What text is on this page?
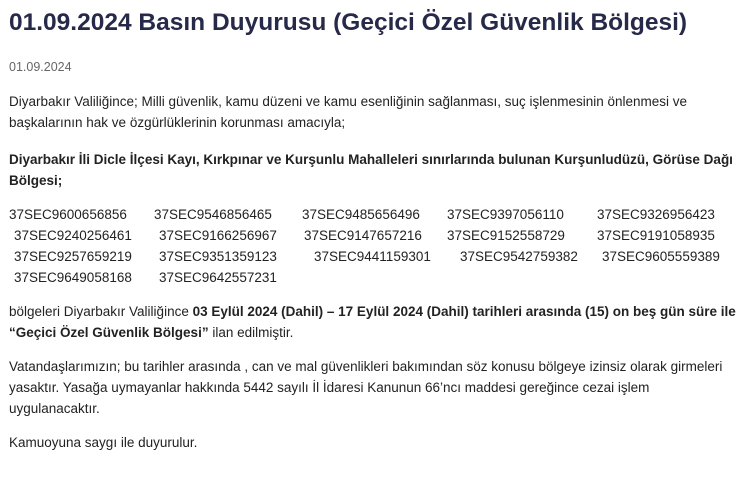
01.09.2024 Basın Duyurusu (Geçici Özel Güvenlik Bölgesi)
01.09.2024

Diyarbakır Valiliğince; Milli güvenlik, kamu düzeni ve kamu esenliğinin sağlanması, suç işlenmesinin önlenmesi ve başkalarının hak ve özgürlüklerinin korunması amacıyla;

Diyarbakır İli Dicle İlçesi Kayı, Kırkpınar ve Kurşunlu Mahalleleri sınırlarında bulunan Kurşunludüzü, Görüse Dağı Bölgesi;

37SEC9600656856	37SEC9546856465	37SEC9485656496	37SEC9397056110	37SEC9326956423
37SEC9240256461	37SEC9166256967	37SEC9147657216	37SEC9152558729	37SEC9191058935
37SEC9257659219	37SEC9351359123	37SEC9441159301	37SEC9542759382	37SEC9605559389
37SEC9649058168	37SEC9642557231

bölgeleri Diyarbakır Valiliğince 03 Eylül 2024 (Dahil) – 17 Eylül 2024 (Dahil) tarihleri arasında (15) on beş gün süre ile “Geçici Özel Güvenlik Bölgesi” ilan edilmiştir.

Vatandaşlarımızın; bu tarihler arasında , can ve mal güvenlikleri bakımından söz konusu bölgeye izinsiz olarak girmeleri yasaktır. Yasağa uymayanlar hakkında 5442 sayılı İl İdaresi Kanunun 66’ncı maddesi gereğince cezai işlem uygulanacaktır.

Kamuoyuna saygı ile duyurulur.
